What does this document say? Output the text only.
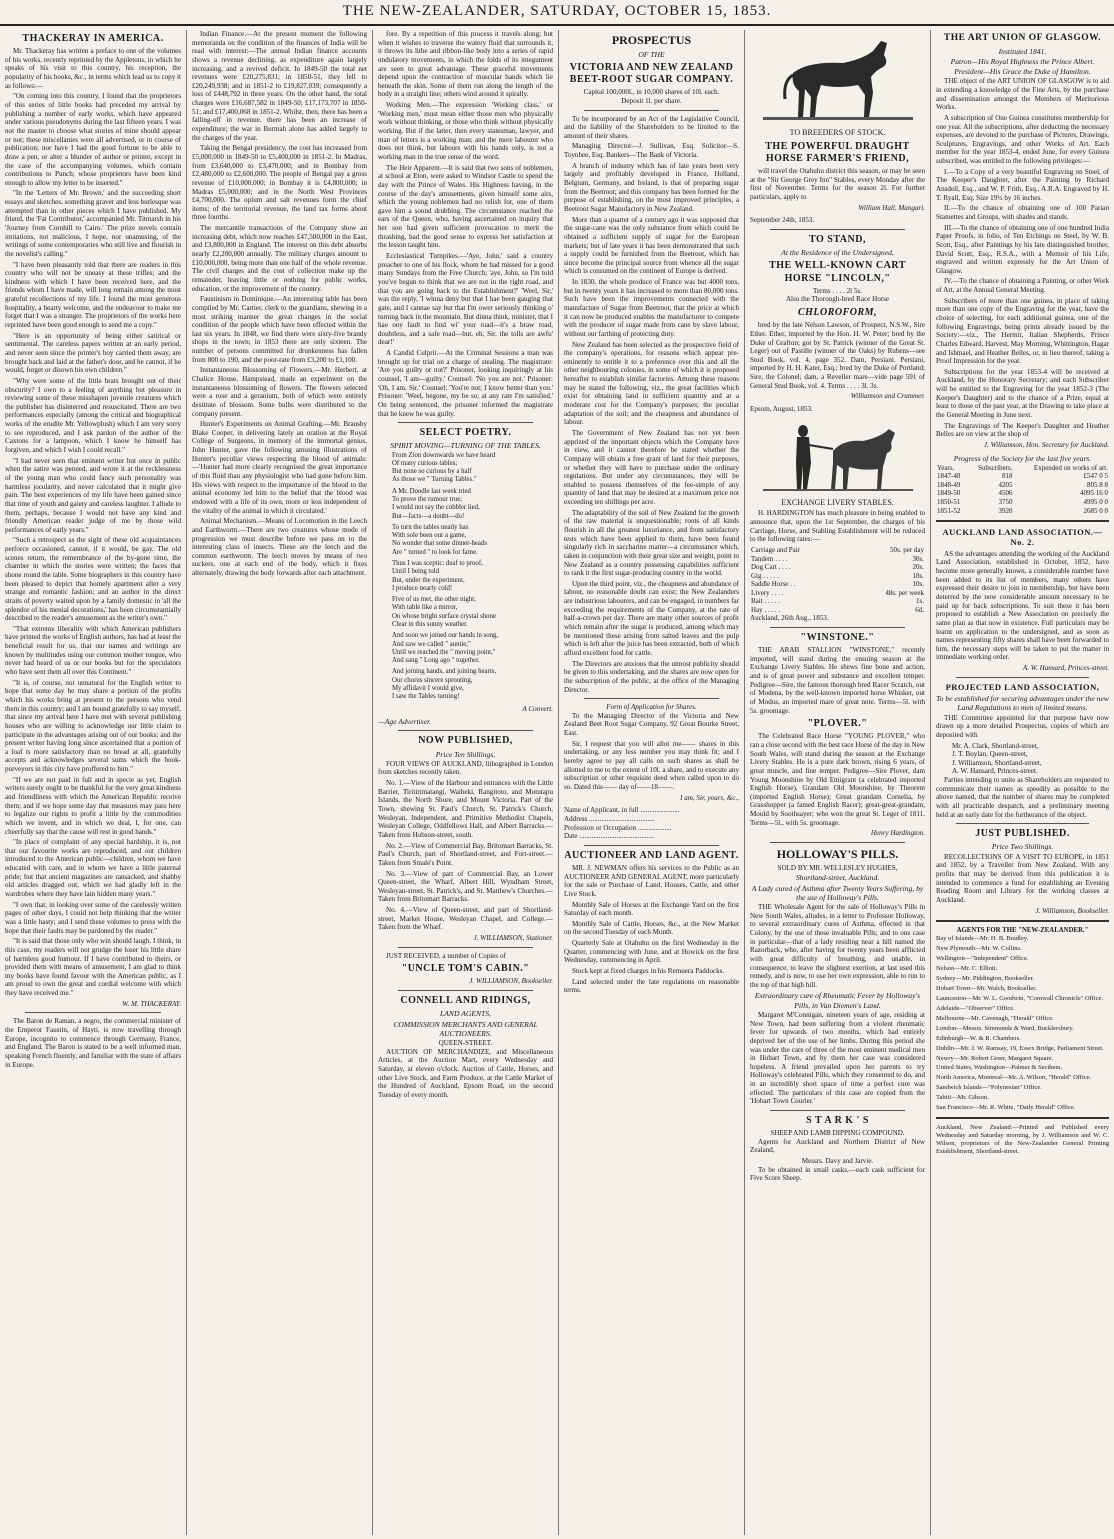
THE NEW-ZEALANDER, SATURDAY, OCTOBER 15, 1853.
THACKERAY IN AMERICA.

Mr. Thackeray has written a preface to one of the volumes of his works, recently reprinted by the Appletons, in which he speaks of his visit to this country, his reception, the popularity of his books, &c., in terms which lead us to copy it as follows:—

"On coming into this country, I found that the proprietors of this series of little books had preceded my arrival by publishing a number of early works, which have appeared under various pseudonyms during the last fifteen years. I was not the master to choose what stories of mine should appear or not; these miscellanies were all advertised, or in course of publication; nor have I had the good fortune to be able to draw a pen, or alter a blunder of author or printer, except in the case of the accompanying volumes, which contain contributions to Punch; whose proprietors have been kind enough to allow my letter to be inserted."

"In the 'Letters of Mr. Brown,' and the succeeding short essays and sketches, something graver and less burlesque was attempted than in other pieces which I have published. My friend, the 'Fat Contributor,' accompanied Mr. Titmarsh in his 'Journey from Cornhill to Cairo.' The prize novels contain imitations, not malicious, I hope, nor unamusing, of the writings of some contemporaries who still live and flourish in the novelist's calling."

"I have been pleasantly told that there are readers in this country who will not be uneasy at these trifles; and the kindness with which I have been received here, and the friends whom I have made, will long remain among the most grateful recollections of my life. I found the most generous hospitality, a hearty welcome, and the endeavour to make me forget that I was a stranger. The proprietors of the works here reprinted have been good enough to send me a copy."

"Here is an opportunity of being either satirical or sentimental. The careless papers written at an early period, and never seen since the printer's boy carried them away, are brought back and laid at the father's door, and he cannot, if he would, forget or disown his own children."

"Why were some of the little brats brought out of their obscurity? I own to a feeling of anything but pleasure in reviewing some of these misshapen juvenile creatures which the publisher has disinterred and resuscitated. There are two performances especially (among the critical and biographical works of the erudite Mr. Yellowplush) which I am very sorry to see reproduced, and I ask pardon of the author of the Caxtons for a lampoon, which I know he himself has forgiven, and which I wish I could recall."

"I had never seen that eminent writer but once in public when the satire was penned, and wrote it at the recklessness of the young man who could fancy such personality was harmless jocularity, and never calculated that it might give pain. The best experiences of my life have been gained since that time of youth and gaiety and careless laughter. I allude to them, perhaps, because I would not have any kind and friendly American reader judge of me by those wild performances of early years."

"Such a retrospect as the sight of these old acquaintances perforce occasioned, cannot, if it would, be gay. The old scenes return, the remembrance of the by-gone time, the chamber in which the stories were written; the faces that shone round the table. Some biographers in this country have been pleased to depict that homely apartment after a very strange and romantic fashion; and an author in the direct straits of poverty waited upon by a family domestic in 'all the splendor of his menial decorations,' has been circumstantially described to the reader's amusement as the writer's own."

"That extreme liberality with which American publishers have printed the works of English authors, has had at least the beneficial result for us, that our names and writings are known by multitudes using our common mother tongue, who never had heard of us or our books but for the speculators who have sent them all over this Continent."

"It is, of course, not unnatural for the English writer to hope that some day he may share a portion of the profits which his works bring at present to the persons who vend them in this country; and I am bound gratefully to say myself, that since my arrival here I have met with several publishing houses who are willing to acknowledge our little claim to participate in the advantages arising out of our books; and the present writer having long since ascertained that a portion of a loaf is more satisfactory than no bread at all, gratefully accepts and acknowledges several sums which the book-purveyors in this city have proffered to him."

"If we are not paid in full and in specie as yet, English writers surely ought to be thankful for the very great kindness and friendliness with which the American Republic receive them; and if we hope some day that measures may pass here to legalize our rights to profit a little by the commodities which we invent, and in which we deal, I, for one, can cheerfully say that the cause will rest in good hands."

"In place of complaint of any special hardship, it is, not that our favourite works are reproduced, and our children introduced to the American public—children, whom we have educated with care, and in whom we have a little paternal pride; but that ancient magazines are ransacked, and shabby old articles dragged out, which we had gladly left in the wardrobes where they have lain hidden many years."

"I own that, in looking over some of the carelessly written pages of other days, I could not help thinking that the writer was a little hasty; and I send these volumes to press with the hope that their faults may be pardoned by the reader."

"It is said that those only who win should laugh. I think, in this case, my readers will not grudge the loser his little share of harmless good humour. If I have contributed to theirs, or provided them with means of amusement, I am glad to think my books have found favour with the American public, as I am proud to own the great and cordial welcome with which they have received me."

W. M. THACKERAY.

The Baron de Raman, a negro, the commercial minister of the Emperor Faustin, of Hayti, is now travelling through Europe, incognito to commence through Germany, France, and England. The Baron is stated to be a well informed man, speaking French fluently, and familiar with the state of affairs in Europe.

Indian Finance.—At the present moment the following memoranda on the condition of the finances of India will be read with interest:—The annual Indian finance accounts shows a revenue declining, as expenditure again largely increasing, and a revived deficit. In 1849-50 the total net revenues were £20,275,831; in 1850-51, they fell to £20,249,938; and in 1851-2 to £19,827,039; consequently a loss of £448,792 in three years. On the other hand, the total charges were £16,687,582 in 1849-50; £17,173,707 in 1850-51; and £17,400,068 in 1851-2. Whilst, then, there has been a falling-off in revenue, there has been an increase of expenditure; the war in Burmah alone has added largely to the charges of the year.

Taking the Bengal presidency, the cost has increased from £5,000,000 in 1849-50 to £5,400,000 in 1851-2. In Madras, from £3,640,000 to £3,470,000; and in Bombay from £2,480,000 to £2,600,000. The people of Bengal pay a gross revenue of £10,000,000; in Bombay it is £4,800,000; in Madras £5,000,000; and in the North West Provinces £4,700,000. The opium and salt revenues form the chief items; of the territorial revenue, the land tax forms about three fourths.

The mercantile transactions of the Company show an increasing debt, which now reaches £47,500,000 in the East, and £3,800,000 in England. The interest on this debt absorbs nearly £2,200,000 annually. The military charges amount to £10,000,000, being more than one half of the whole revenue. The civil charges and the cost of collection make up the remainder, leaving little or nothing for public works, education, or the improvement of the country.

Faustinism in Dominique.—An interesting table has been compiled by Mr. Cartier, clerk to the guardians, shewing in a most striking manner the great changes in the social condition of the people which have been effected within the last six years. In 1848, we find there were sixty-five brandy shops in the town; in 1853 there are only sixteen. The number of persons committed for drunkenness has fallen from 800 to 190, and the poor-rate from £3,200 to £1,100.

Instantaneous Blossoming of Flowers.—Mr. Herbert, at Chalice House, Hampstead, made an experiment on the instantaneous blossoming of flowers. The flowers selected were a rose and a geranium, both of which were entirely destitute of blossom. Some bulbs were distributed to the company present.

Hunter's Experiments on Animal Grafting.—Mr. Bransby Blake Cooper, in delivering lately an oration at the Royal College of Surgeons, in memory of the immortal genius, John Hunter, gave the following amusing illustrations of Hunter's peculiar views respecting the blood of animals:—'Hunter had more clearly recognised the great importance of this fluid than any physiologist who had gone before him. His views with respect to the importance of the blood to the animal economy led him to the belief that the blood was endowed with a life of its own, more or less independent of the vitality of the animal in which it circulated.'

Animal Mechanism.—Means of Locomotion in the Leech and Earthworm.—There are two creatures whose mode of progression we must describe before we pass on to the interesting class of insects. These are the leech and the common earthworm. The leech moves by means of two suckers, one at each end of the body, which it fixes alternately, drawing the body forwards after each attachment.

fore. By a repetition of this process it travels along; but when it wishes to traverse the watery fluid that surrounds it, it throws its lithe and ribbon-like body into a series of rapid undulatory movements, in which the folds of its integument are seen to great advantage. These graceful movements depend upon the contraction of muscular bands which lie beneath the skin. Some of them run along the length of the body in a straight line; others wind around it spirally.

Working Men.—The expression 'Working class,' or 'Working men,' must mean either those men who physically work without thinking, or those who think without physically working. But if the latter, then every statesman, lawyer, and man of letters is a working man; and the mere labourer who does not think, but labours with his hands only, is not a working man in the true sense of the word.

The Heir Apparent.—It is said that two sons of noblemen, at school at Eton, were asked to Windsor Castle to spend the day with the Prince of Wales. His Highness having, in the course of the day's amusements, given himself some airs, which the young noblemen had no relish for, one of them gave him a sound drubbing. The circumstance reached the ears of the Queen, who, having ascertained on inquiry that her son had given sufficient provocation to merit the thrashing, had the good sense to express her satisfaction at the lesson taught him.

Ecclesiastical Turnpikes.—'Aye, John,' said a country preacher to one of his flock, whom he had missed for a good many Sundays from the Free Church; 'aye, John, so I'm told you've begun to think that we are not in the right road, and that you are going back to the Establishment?' 'Weel, Sir,' was the reply, 'I winna deny but that I hae been gauging that gate, and I cannae say but that I'm ower seriously thinking o' turning back in the mountain. But dinna think, minister, that I hae ony fault to find wi' your road—it's a braw road, doubtless, and a safe road—but, eh, Sir, the tolls are awfu' dear!'

A Candid Culprit.—At the Criminal Sessions a man was brought up for trial on a charge of stealing. The magistrate: 'Are you guilty or not?' Prisoner, looking inquiringly at his counsel, 'I am—guilty.' Counsel: 'No you are not.' Prisoner: 'Oh, I am, Sir.' Counsel: 'You're not; I know better than you.' Prisoner: 'Weel, begone, my be so; at any rate I'm satisfied.' On being sentenced, the prisoner informed the magistrate that he knew he was guilty.

SELECT POETRY.
SPIRIT MOVING—TURNING OF THE TABLES.

From Zion downwards we have heard

Of many curious tables;

But none so curious by a half

As those we " Turning Tables."

A Mr. Doodle last week tried

To prove the rumour true;

I would not say the cobbler lied,

But—facts—a doubt—do!

To turn the tables neatly has

With sole been our a game,

No wonder that some dinner-heads

Are " turned " to look for fame.

Thus I was sceptic: deaf to proof,

Until I being told

But, under the experiment,

I produce nearly cold!

Five of us met, the other night,

With table like a mirror,

On whose bright surface crystal shone

Clear in this sunny weather.

And soon we joined our hands in song,

And saw we called " auntie,"

Until we reached the " moving point,"

And sang " Long ago " together.

And joining hands, and joining hearts,

Our chorus sincere sprouting,

My affidavit I would give,

I saw the Tables turning!

A Convert.
—Age Advertiser.
NOW PUBLISHED,
Price Ten Shillings,

FOUR VIEWS OF AUCKLAND, lithographed in London from sketches recently taken.

No. 1.—View of the Harbour and entrances with the Little Barrier, Tiritirimatangi, Waiheki, Rangitoto, and Motutapu Islands, the North Shore, and Mount Victoria. Part of the Town, shewing St. Paul's Church, St. Patrick's Church, Wesleyan, Independent, and Primitive Methodist Chapels, Wesleyan College, Oddfellows Hall, and Albert Barracks.—Taken from Hobson-street, south.

No. 2.—View of Commercial Bay, Britomart Barracks, St. Paul's Church, part of Shortland-street, and Fort-street.—Taken from Smale's Point.

No. 3.—View of part of Commercial Bay, an Lower Queen-street, the Wharf, Albert Hill, Wyndham Street, Wesleyan-street, St. Patrick's, and St. Matthew's Churches.—Taken from Britomart Barracks.

No. 4.—View of Queen-street, and part of Shortland-street, Market House, Wesleyan Chapel, and College.—Taken from the Wharf.

J. WILLIAMSON, Stationer.

JUST RECEIVED, a number of Copies of

"UNCLE TOM'S CABIN."
J. WILLIAMSON, Bookseller.
CONNELL AND RIDINGS,
LAND AGENTS,
COMMISSION MERCHANTS AND GENERAL AUCTIONEERS.
QUEEN-STREET.

AUCTION OF MERCHANDIZE, and Miscellaneous Articles, at the Auction Mart, every Wednesday and Saturday, at eleven o'clock. Auction of Cattle, Horses, and other Live Stock, and Farm Produce, at the Cattle Market of the Hundred of Auckland, Epsom Road, on the second Tuesday of every month.

PROSPECTUS
OF THE
VICTORIA AND NEW ZEALAND BEET-ROOT SUGAR COMPANY.
Capital 100,000l., in 10,000 shares of 10l. each.
Deposit 1l. per share.

To be incorporated by an Act of the Legislative Council, and the liability of the Shareholders to be limited to the amount of their shares.

Managing Director—J. Sullivan, Esq. Solicitor—S. Toynbee, Esq. Bankers—The Bank of Victoria.

A branch of industry which has of late years been very largely and profitably developed in France, Holland, Belgium, Germany, and Ireland, is that of preparing sugar from the Beetroot; and this company has been formed for the purpose of establishing, on the most improved principles, a Beetroot Sugar Manufactory in New Zealand.

More than a quarter of a century ago it was supposed that the sugar-cane was the only substance from which could be obtained a sufficient supply of sugar for the European markets; but of late years it has been demonstrated that such a supply could be furnished from the Beetroot, which has since become the principal source from whence all the sugar which is consumed on the continent of Europe is derived.

In 1830, the whole produce of France was but 4000 tons, but in twenty years it has increased to more than 80,000 tons. Such have been the improvements connected with the manufacture of Sugar from Beetroot, that the price at which it can now be produced enables the manufacturer to compete with the producer of sugar made from cane by slave labour, without our farthing of protecting duty.

New Zealand has been selected as the prospective field of the company's operations, for reasons which appear pre-eminently to entitle it to a preference over this and all the other neighbouring colonies, in some of which it is proposed hereafter to establish similar factories. Among these reasons may be stated the following, viz., the great facilities which exist for obtaining land in sufficient quantity and at a moderate cost for the Company's purposes; the peculiar adaptation of the soil; and the cheapness and abundance of labour.

The Government of New Zealand has not yet been apprized of the important objects which the Company have in view, and it cannot therefore be stated whether the Company will obtain a free grant of land for their purposes, or whether they will have to purchase under the ordinary regulations. But under any circumstances, they will be enabled to possess themselves of the fee-simple of any quantity of land that may be desired at a maximum price not exceeding ten shillings per acre.

The adaptability of the soil of New Zealand for the growth of the raw material is unquestionable; roots of all kinds flourish in all the greatest luxuriance, and from satisfactory tests which have been applied to them, have been found singularly rich in saccharine matter—a circumstance which, taken in conjunction with their great size and weight, point to New Zealand as a country possessing capabilities sufficient to rank it the first sugar-producing country in the world.

Upon the third point, viz., the cheapness and abundance of labour, no reasonable doubt can exist; the New Zealanders are industrious labourers, and can be engaged, in numbers far exceeding the requirements of the Company, at the rate of half-a-crown per day. There are many other sources of profit which remain after the sugar is produced, among which may be mentioned these arising from salted leaves and the pulp which is left after the juice has been extracted, both of which afford excellent food for cattle.

The Directors are anxious that the utmost publicity should be given to this undertaking, and the shares are now open for the subscription of the public, at the office of the Managing Director.

Form of Application for Shares.

To the Managing Director of the Victoria and New Zealand Beet Root Sugar Company, 92 Great Bourke Street, East.

Sir, I request that you will allot me—— shares in this undertaking, or any less number you may think fit; and I hereby agree to pay all calls on such shares as shall be allotted to me to the extent of 10l. a share, and to execute any subscription or other requisite deed when called upon to do so. Dated this—— day of——18——.

I am, Sir, yours, &c.,
Name of Applicant, in full ......................
Address .....................................
Profession or Occupation ...................
Date ..........................................
AUCTIONEER AND LAND AGENT.

MR. J. NEWMAN offers his services to the Public as an AUCTIONEER AND GENERAL AGENT, more particularly for the sale or Purchase of Land, Houses, Cattle, and other Live Stock.

Monthly Sale of Horses at the Exchange Yard on the first Saturday of each month.

Monthly Sale of Cattle, Horses, &c., at the New Market on the second Tuesday of each Month.

Quarterly Sale at Otahuhu on the first Wednesday in the Quarter, commencing with June, and at Howick on the first Wednesday, commencing in April.

Stock kept at fixed charges in his Remuera Paddocks.

Land selected under the late regulations on reasonable terms.

TO BREEDERS OF STOCK.
THE POWERFUL DRAUGHT HORSE FARMER'S FRIEND,

will travel the Otahuhu district this season, or may be seen at the "Sir George Grey Inn" Stables, every Monday after the first of November. Terms for the season 2l. For further particulars, apply to

William Hall, Mangari.
September 24th, 1853.
TO STAND,
At the Residence of the Undersigned,
THE WELL-KNOWN CART HORSE "LINCOLN,"
Terms . . . . 2l 5s.
Also the Thorough-bred Race Horse
CHLOROFORM,

bred by the late Nelson Lawson, of Prospect, N.S.W., Sire Ether. Ether, imported by the Hon. H. W. Peter; bred by the Duke of Grafton; got by St. Patrick (winner of the Great St. Leger) out of Pastille (winner of the Oaks) by Rubens—see Stud Book, vol. 4, page 352. Dam, Persiani. Persiani, imported by H. H. Kater, Esq.; bred by the Duke of Portland; Sire, the Colonel; dam, a Reveller mare—vide page 591 of General Stud Book, vol. 4. Terms . . . . 3l. 3s.

Williamson and Crummer.
Epsom, August, 1853.
EXCHANGE LIVERY STABLES.

H. HARDINGTON has much pleasure in being enabled to announce that, upon the 1st September, the charges of his Carriage, Horse, and Stabling Establishment will be reduced to the following rates:—

Carriage and Pair	50s. per day
Tandem . . . .	30s.
Dog Cart . . . .	20s.
Gig . . . . .	18s.
Saddle Horse . .	10s.
Livery . . . .	48s. per week
Bait . . . . .	1s.
Hay . . . . .	6d.
Auckland, 26th Aug., 1853.
"WINSTONE."

THE ARAB STALLION "WINSTONE," recently imported, will stand during the ensuing season at the Exchange Livery Stables. He shews fine bone and action, and is of great power and substance and excellent temper. Pedigree—Sire, the famous thorough bred Racer Scratch, out of Modena, by the well-known imported horse Whisker, out of Modus, an imported mare of great note. Terms—5l. with 5s. groomage.

"PLOVER."

The Celebrated Race Horse "YOUNG PLOVER," who ran a close second with the best race Horse of the day in New South Wales, will stand during the season at the Exchange Livery Stables. He is a pure dark brown, rising 6 years, of great muscle, and fine temper. Pedigree—Sire Plover, dam Young Moonshine by Old Emigrant (a celebrated imported English Horse), Grandam Old Moonshine, by Theorem (imported English Horse); Great grandam Cornelia, by Grasshopper (a famed English Racer); great-great-grandam, Mould by Soothsayer; who won the great St. Leger of 1811. Terms—5l., with 5s. groomage.

Henry Hardington.
HOLLOWAY'S PILLS.
SOLD BY MR. WELLESLEY HUGHES,
Shortland-street, Auckland.
A Lady cured of Asthma after Twenty Years Suffering, by the use of Holloway's Pills.

THE Wholesale Agent for the sale of Holloway's Pills in New South Wales, alludes, in a letter to Professor Holloway, to several extraordinary cures of Asthma, effected in that Colony, by the use of these invaluable Pills; and to one case in particular—that of a lady residing near a hill named the Razorback, who, after having for twenty years been afflicted with great difficulty of breathing, and unable, in consequence, to leave the slightest exertion, at last used this remedy, and is now, to use her own expression, able to run to the top of that high hill.

Extraordinary cure of Rheumatic Fever by Holloway's Pills, in Van Diemen's Land.

Margaret M'Connigan, nineteen years of age, residing at New Town, had been suffering from a violent rheumatic fever for upwards of two months, which had entirely deprived her of the use of her limbs. During this period she was under the care of three of the most eminent medical men in Hobart Town, and by them her case was considered hopeless. A friend prevailed upon her parents to try Holloway's celebrated Pills, which they consented to do, and in an incredibly short space of time a perfect cure was effected. The particulars of this case are copied from the 'Hobart Town Courier.'

S T A R K ' S
SHEEP AND LAMB DIPPING COMPOUND.

Agents for Auckland and Northern District of New Zealand,

Messrs. Davy and Jarvie.

To be obtained in small casks,—each cask sufficient for Five Score Sheep.

THE ART UNION OF GLASGOW.
Instituted 1841.
Patron—His Royal Highness the Prince Albert.
President—His Grace the Duke of Hamilton.

THE object of the ART UNION OF GLASGOW is to aid in extending a knowledge of the Fine Arts, by the purchase and dissemination amongst the Members of Meritorious Works.

A subscription of One Guinea constitutes membership for one year. All the subscriptions, after deducting the necessary expenses, are devoted to the purchase of Pictures, Drawings, Sculptures, Engravings, and other Works of Art. Each member for the year 1853-4, ended June, for every Guinea subscribed, was entitled to the following privileges:—

I.—To a Copy of a very beautiful Engraving on Steel, of The Keeper's Daughter, after the Painting by Richard Ansdell, Esq., and W. P. Frith, Esq., A.R.A. Engraved by H. T. Ryall, Esq. Size 19½ by 16 inches.

II.—To the chance of obtaining one of 100 Parian Statuettes and Groups, with shades and stands.

III.—To the chance of obtaining one of one hundred India Paper Proofs, in folio, of Ten Etchings on Steel, by W. B. Scott, Esq., after Paintings by his late distinguished brother, David Scott, Esq., R.S.A., with a Memoir of his Life, engraved and written expressly for the Art Union of Glasgow.

IV.—To the chance of obtaining a Painting, or other Work of Art, at the Annual General Meeting.

Subscribers of more than one guinea, in place of taking more than one copy of the Engraving for the year, have the choice of selecting, for each additional guinea, one of the following Engravings, being prints already issued by the Society:—viz., The Hermit, Italian Shepherds, Prince Charles Edward, Harvest, May Morning, Whittington, Hagar and Ishmael, and Heather Belles, or, in lieu thereof, taking a Proof Impression for the year.

Subscriptions for the year 1853-4 will be received at Auckland, by the Honorary Secretary; and each Subscriber will be entitled to the Engraving for the year 1852-3 (The Keeper's Daughter) and to the chance of a Prize, equal at least to those of the past year, at the Drawing to take place at the General Meeting in June next.

The Engravings of The Keeper's Daughter and Heather Belles are on view at the shop of

J. Williamson, Hon. Secretary for Auckland.
Progress of the Society for the last five years.
Years.	Subscribers.	Expended on works of art.
1847-48	818	£547 0 5
1848-49	4205	805 8 8
1849-50	4506	4095 16 0
1850-51	3750	4995 0 0
1851-52	3920	2685 0 0
AUCKLAND LAND ASSOCIATION.—No. 2.

AS the advantages attending the working of the Auckland Land Association, established in October, 1852, have become more generally known, a considerable number have been added to its list of members, many others have expressed their desire to join in membership, but have been deterred by the now considerable amount necessary to be paid up for back subscriptions. To suit these it has been proposed to establish a New Association on precisely the same plan as that now in existence. Full particulars may be learnt on application to the undersigned, and as soon as names representing fifty shares shall have been forwarded to him, the necessary steps will be taken to put the matter in immediate working order.

A. W. Hansard, Princes-street.
PROJECTED LAND ASSOCIATION,
To be established for securing advantages under the new Land Regulations to men of limited means.

THE Committee appointed for that purpose have now drawn up a more detailed Prospectus, copies of which are deposited with

Mr. A. Clark, Shortland-street,
J. T. Boylan, Queen-street,
J. Williamson, Shortland-street,
A. W. Hansard, Princes-street.

Parties intending to unite as Shareholders are requested to communicate their names as speedily as possible to the above named, that the number of shares may be completed with all practicable despatch, and a preliminary meeting held at an early date for the furtherance of the object.

JUST PUBLISHED.
Price Two Shillings.

RECOLLECTIONS OF A VISIT TO EUROPE, in 1851 and 1852, by a Traveller from New Zealand. With any profits that may be derived from this publication it is intended to commence a fund for establishing an Evening Reading Room and Library for the working classes at Auckland.

J. Williamson, Bookseller.
AGENTS FOR THE "NEW-ZEALANDER."

Bay of Islands—Mr. H. B. Bradley.

New Plymouth—Mr. W. Collins.

Wellington—"Independent" Office.

Nelson—Mr. C. Elliott.

Sydney—Mr. Piddington, Bookseller.

Hobart Town—Mr. Walch, Bookseller.

Launceston—Mr. W. L. Goodwin, "Cornwall Chronicle" Office.

Adelaide—"Observer" Office.

Melbourne—Mr. Cavenagh, "Herald" Office.

London—Messrs. Simmonds & Ward, Bucklersbury.

Edinburgh—W. & R. Chambers.

Dublin—Mr. J. W. Ramsay, 19, Essex Bridge, Parliament Street.

Newry—Mr. Robert Greer, Margaret Square.

United States, Washington—Palmer & Secthem.

North America, Montreal—Mr. A. Wilson, "Herald" Office.

Sandwich Islands—"Polynesian" Office.

Tahiti—Mr. Gibson.

San Francisco—Mr. R. White, "Daily Herald" Office.

Auckland, New Zealand:—Printed and Published every Wednesday and Saturday morning, by J. Williamson and W. C. Wilson, proprietors of the New-Zealander General Printing Establishment, Shortland-street.
